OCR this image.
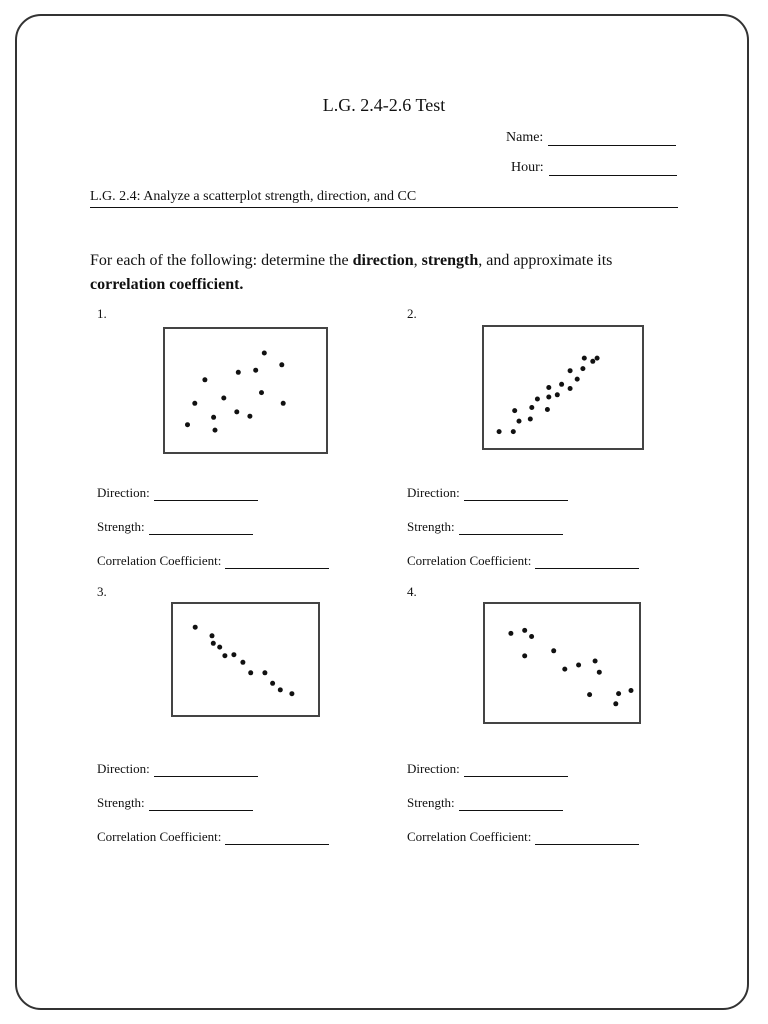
L.G. 2.4-2.6 Test
Name:
Hour:
L.G. 2.4: Analyze a scatterplot strength, direction, and CC
For each of the following: determine the direction, strength, and approximate its correlation coefficient.
1.	2.
Direction:
Strength:
Correlation Coefficient:
Direction:
Strength:
Correlation Coefficient:
3.	4.
Direction:
Strength:
Correlation Coefficient:
Direction:
Strength:
Correlation Coefficient:
